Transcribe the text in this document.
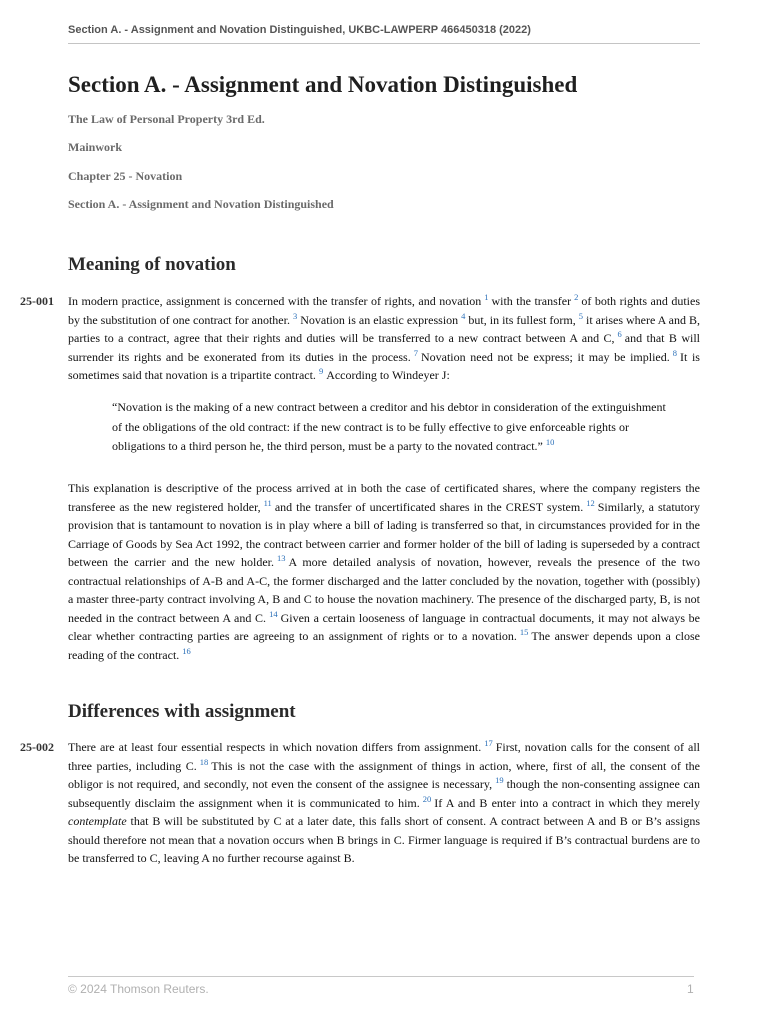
Section A. - Assignment and Novation Distinguished, UKBC-LAWPERP 466450318 (2022)
Section A. - Assignment and Novation Distinguished
The Law of Personal Property 3rd Ed.
Mainwork
Chapter 25 - Novation
Section A. - Assignment and Novation Distinguished
Meaning of novation
25-001 In modern practice, assignment is concerned with the transfer of rights, and novation $^1$ with the transfer $^2$ of both rights and duties by the substitution of one contract for another. $^3$ Novation is an elastic expression $^4$ but, in its fullest form, $^5$ it arises where A and B, parties to a contract, agree that their rights and duties will be transferred to a new contract between A and C, $^6$ and that B will surrender its rights and be exonerated from its duties in the process. $^7$ Novation need not be express; it may be implied. $^8$ It is sometimes said that novation is a tripartite contract. $^9$ According to Windeyer J:

“Novation is the making of a new contract between a creditor and his debtor in consideration of the extinguishment of the obligations of the old contract: if the new contract is to be fully effective to give enforceable rights or obligations to a third person he, the third person, must be a party to the novated contract.” $^{10}$

This explanation is descriptive of the process arrived at in both the case of certificated shares, where the company registers the transferee as the new registered holder, $^{11}$ and the transfer of uncertificated shares in the CREST system. $^{12}$ Similarly, a statutory provision that is tantamount to novation is in play where a bill of lading is transferred so that, in circumstances provided for in the Carriage of Goods by Sea Act 1992, the contract between carrier and former holder of the bill of lading is superseded by a contract between the carrier and the new holder. $^{13}$ A more detailed analysis of novation, however, reveals the presence of the two contractual relationships of A-B and A-C, the former discharged and the latter concluded by the novation, together with (possibly) a master three-party contract involving A, B and C to house the novation machinery. The presence of the discharged party, B, is not needed in the contract between A and C. $^{14}$ Given a certain looseness of language in contractual documents, it may not always be clear whether contracting parties are agreeing to an assignment of rights or to a novation. $^{15}$ The answer depends upon a close reading of the contract. $^{16}$

Differences with assignment
25-002 There are at least four essential respects in which novation differs from assignment. $^{17}$ First, novation calls for the consent of all three parties, including C. $^{18}$ This is not the case with the assignment of things in action, where, first of all, the consent of the obligor is not required, and secondly, not even the consent of the assignee is necessary, $^{19}$ though the non-consenting assignee can subsequently disclaim the assignment when it is communicated to him. $^{20}$ If A and B enter into a contract in which they merely contemplate that B will be substituted by C at a later date, this falls short of consent. A contract between A and B or B’s assigns should therefore not mean that a novation occurs when B brings in C. Firmer language is required if B’s contractual burdens are to be transferred to C, leaving A no further recourse against B.

© 2024 Thomson Reuters.	1
